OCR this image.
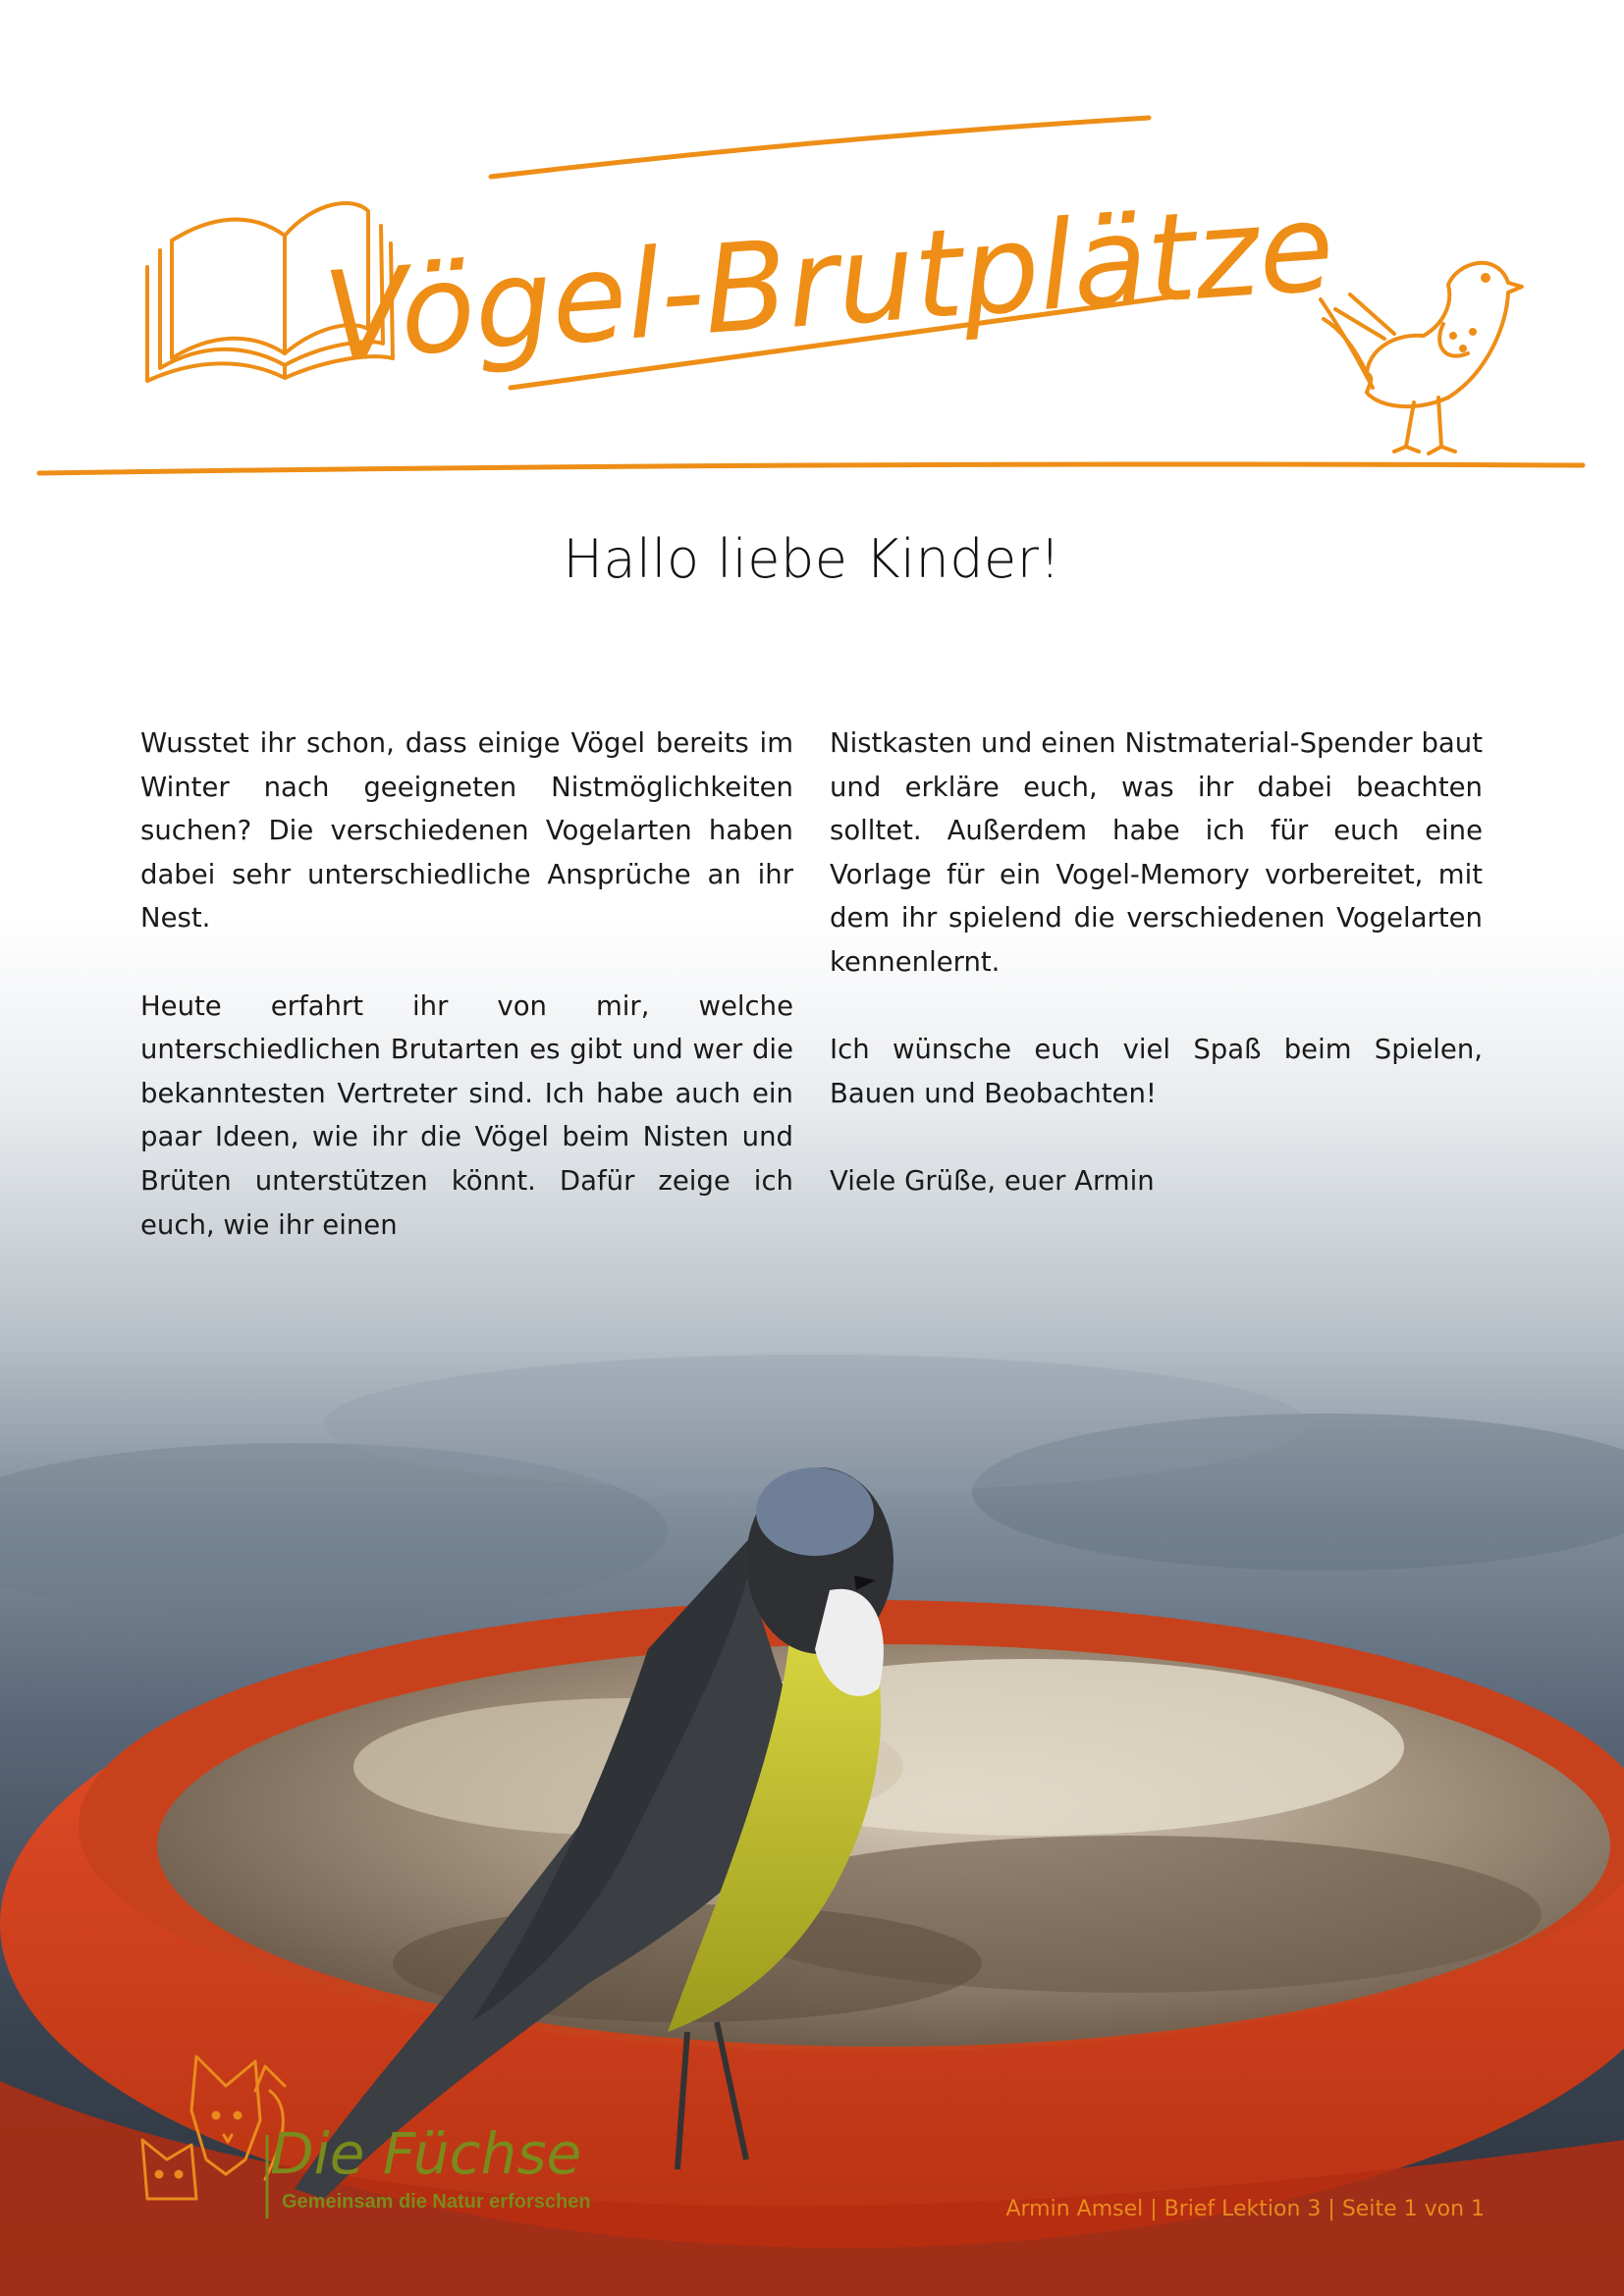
Vögel-Brutplätze
Hallo liebe Kinder!

Wusstet ihr schon, dass einige Vögel bereits im Winter nach geeigneten Nistmöglichkeiten suchen? Die verschiedenen Vogelarten haben dabei sehr unterschiedliche Ansprüche an ihr Nest.

Heute erfahrt ihr von mir, welche unterschiedlichen Brutarten es gibt und wer die bekanntesten Vertreter sind. Ich habe auch ein paar Ideen, wie ihr die Vögel beim Nisten und Brüten unterstützen könnt. Dafür zeige ich euch, wie ihr einen

Nistkasten und einen Nistmaterial-Spender baut und erkläre euch, was ihr dabei beachten solltet. Außerdem habe ich für euch eine Vorlage für ein Vogel-Memory vorbereitet, mit dem ihr spielend die verschiedenen Vogelarten kennenlernt.

Ich wünsche euch viel Spaß beim Spielen, Bauen und Beobachten!

Viele Grüße, euer Armin

Die Füchse
Gemeinsam die Natur erforschen	Armin Amsel | Brief Lektion 3 | Seite 1 von 1
